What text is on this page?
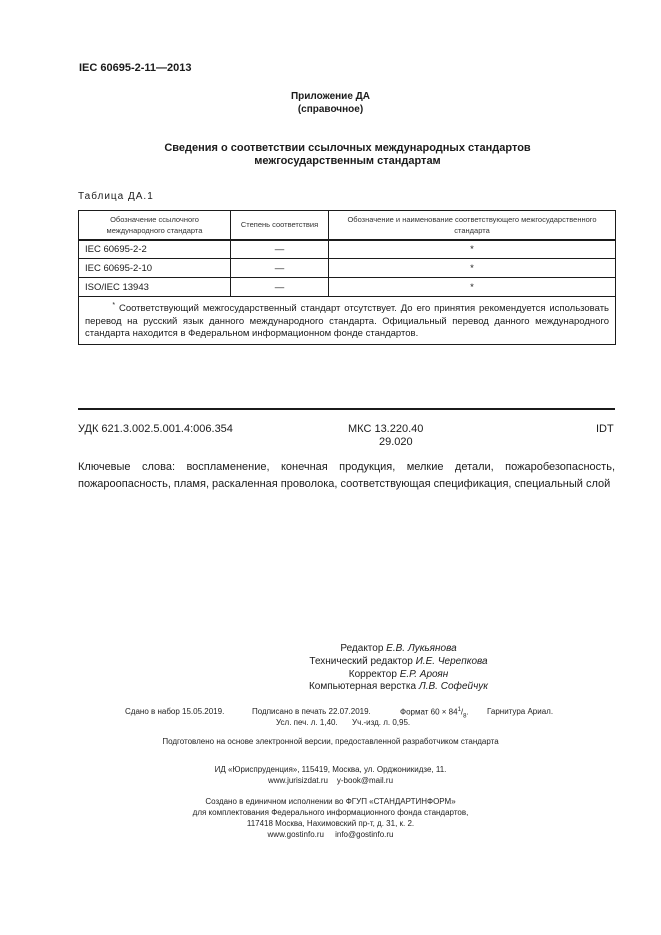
IEC 60695-2-11—2013
Приложение ДА
(справочное)
Сведения о соответствии ссылочных международных стандартов
межгосударственным стандартам
Таблица ДА.1
Обозначение ссылочного международного стандарта	Степень соответствия	Обозначение и наименование соответствующего межгосударственного стандарта
IEC 60695-2-2	—	*
IEC 60695-2-10	—	*
ISO/IEC 13943	—	*
* Соответствующий межгосударственный стандарт отсутствует. До его принятия рекомендуется использовать перевод на русский язык данного международного стандарта. Официальный перевод данного международного стандарта находится в Федеральном информационном фонде стандартов.		
УДК 621.3.002.5.001.4:006.354	МКС 13.220.40
29.020
IDT
Ключевые слова: воспламенение, конечная продукция, мелкие детали, пожаробезопасность, пожароопасность, пламя, раскаленная проволока, соответствующая спецификация, специальный слой
Редактор Е.В. Лукьянова
Технический редактор И.Е. Черепкова
Корректор Е.Р. Ароян
Компьютерная верстка Л.В. Софейчук
Сдано в набор 15.05.2019.	Подписано в печать 22.07.2019.	Формат $60 \times 84^1/_8$. Гарнитура Ариал.
Усл. печ. л. 1,40. Уч.-изд. л. 0,95.
Подготовлено на основе электронной версии, предоставленной разработчиком стандарта
ИД «Юриспруденция», 115419, Москва, ул. Орджоникидзе, 11.
www.jurisizdat.ru y-book@mail.ru
Создано в единичном исполнении во ФГУП «СТАНДАРТИНФОРМ»
для комплектования Федерального информационного фонда стандартов,
117418 Москва, Нахимовский пр-т, д. 31, к. 2.
www.gostinfo.ru info@gostinfo.ru
